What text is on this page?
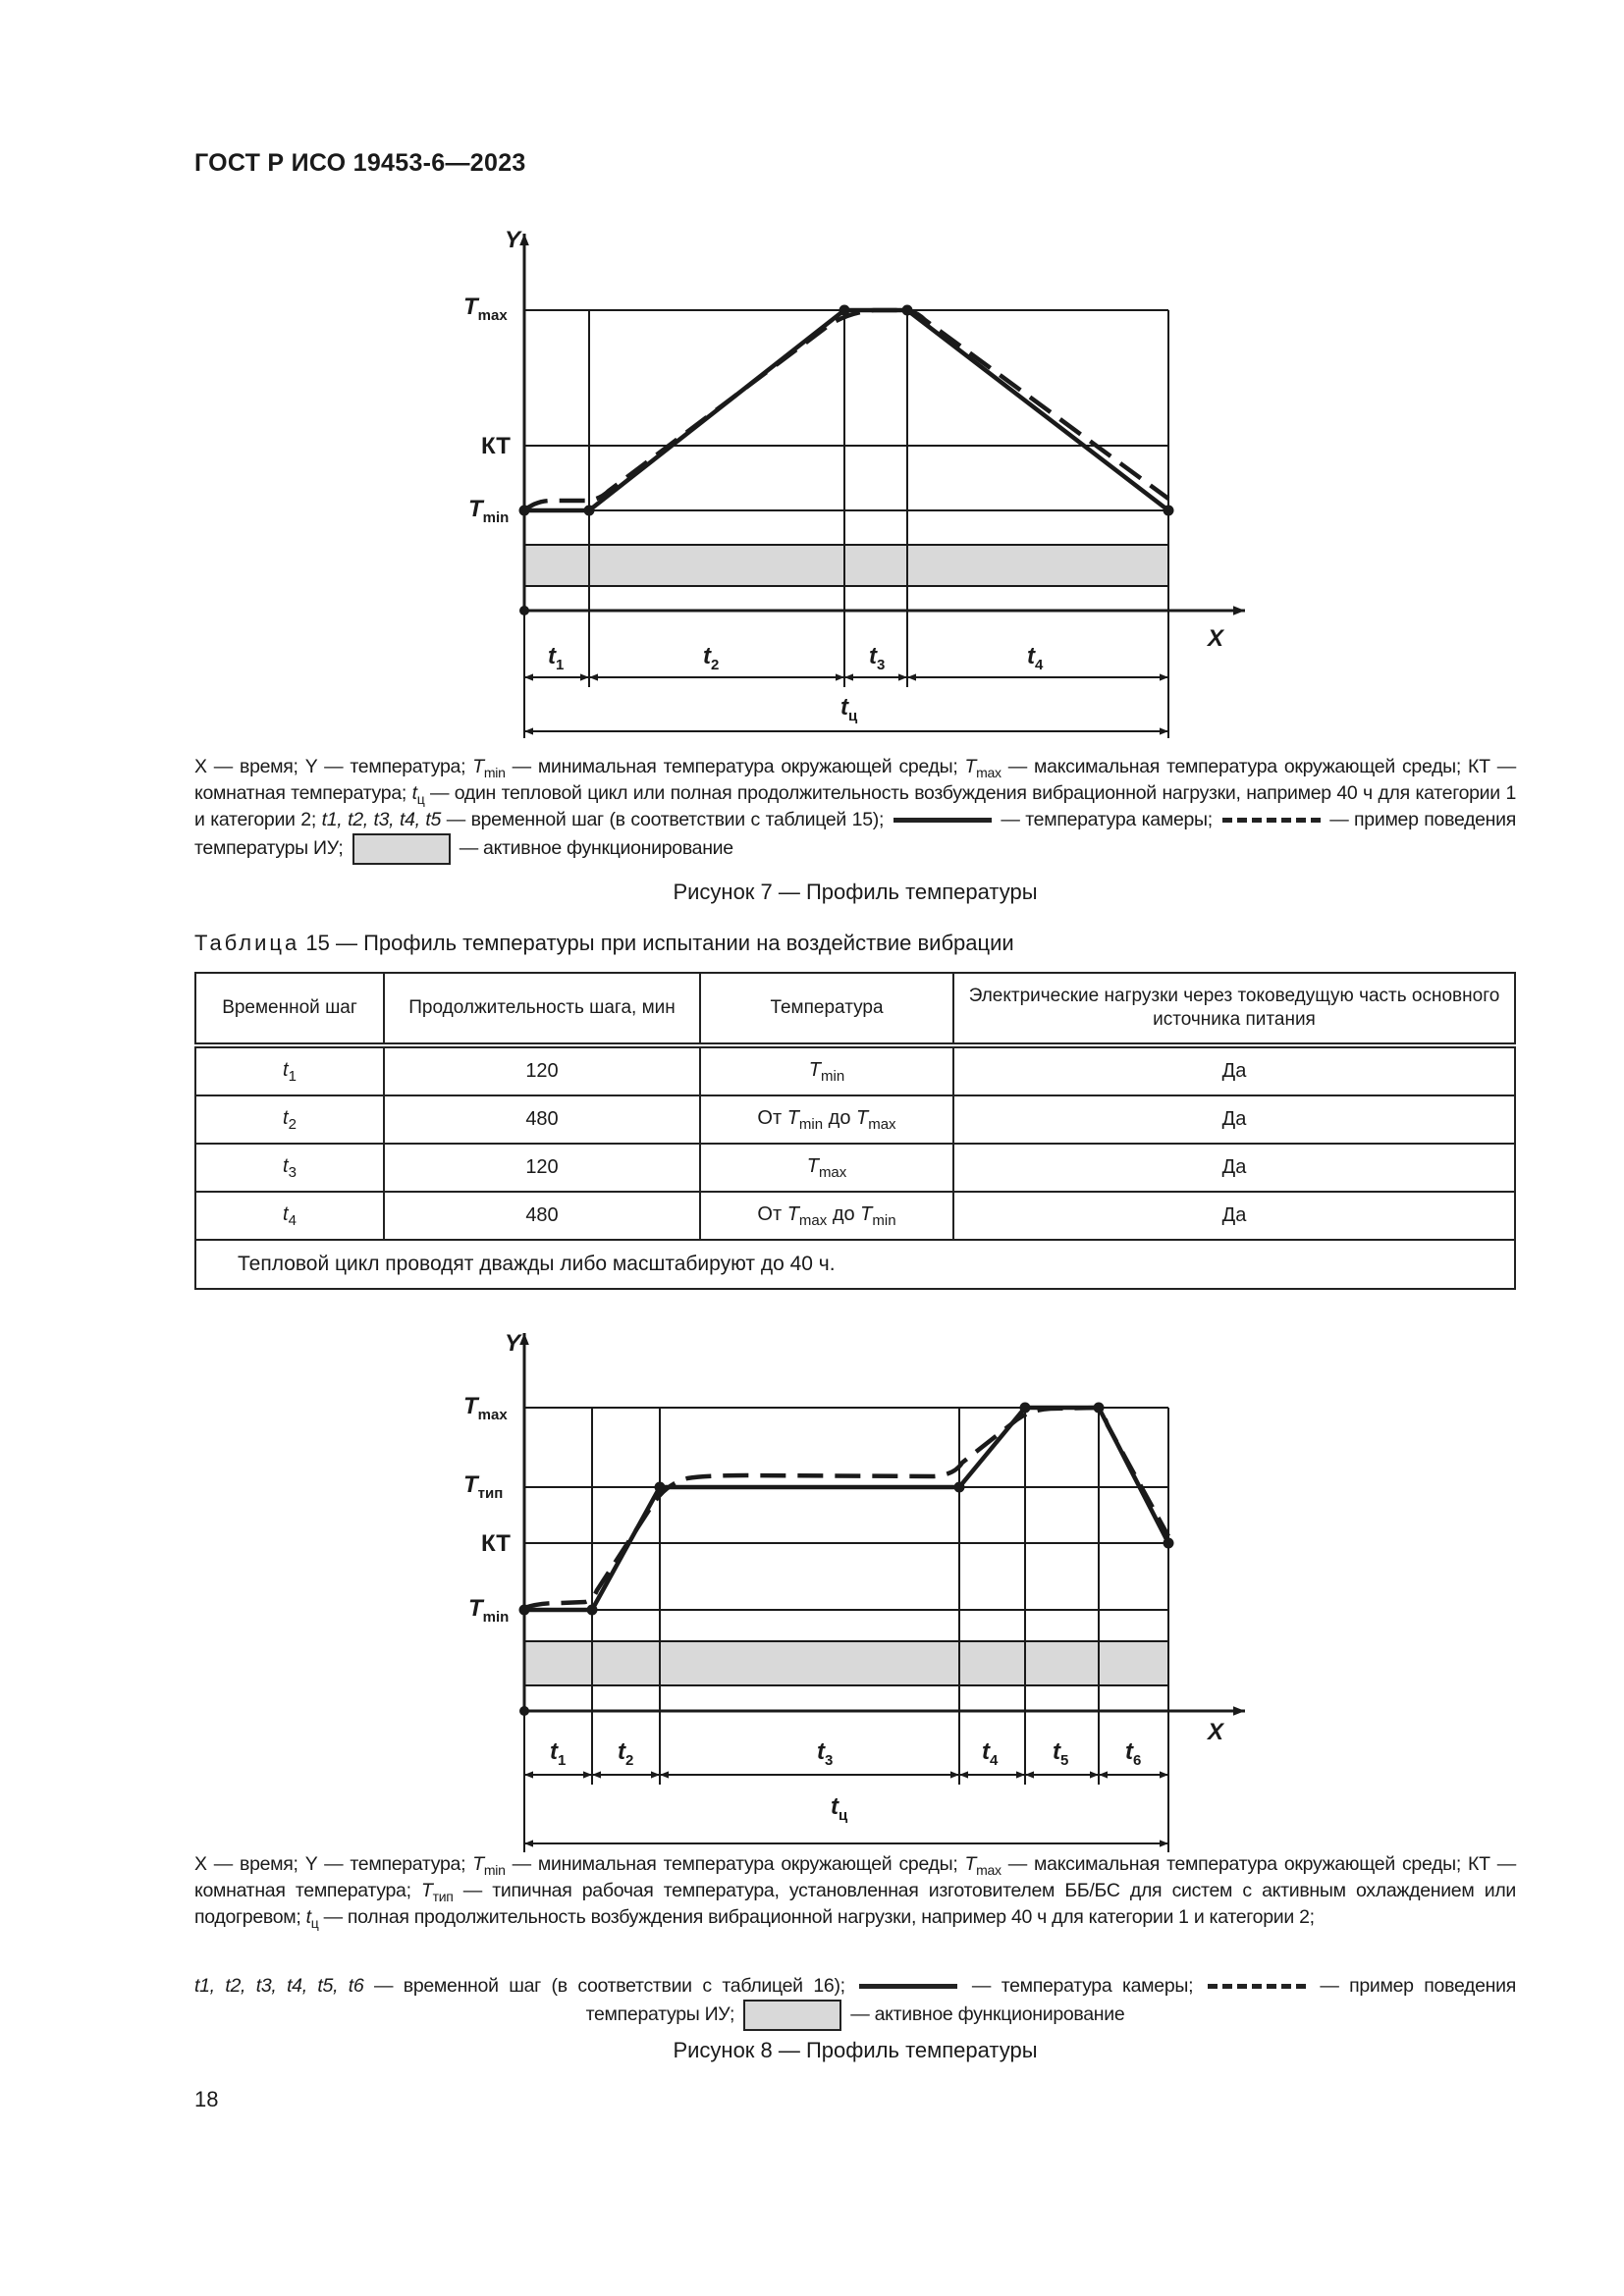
ГОСТ Р ИСО 19453-6—2023
Y
X
$T_{max}$
КТ
$T_{min}$
$t_1$	$t_2$	$t_3$	$t_4$
$t_ц$
Y
X
$T_{max}$
$T_{тип}$
КТ
$T_{min}$
$t_1$ $t_2$	$t_3$	$t_4$ $t_5$ $t_6$
$t_ц$
X — время; Y — температура; $T_{min}$ — минимальная температура окружающей среды; $T_{max}$ — максимальная температура окружающей среды; КТ — комнатная температура; $t_ц$ — один тепловой цикл или полная продолжительность возбуждения вибрационной нагрузки, например 40 ч для категории 1 и категории 2; t1, t2, t3, t4, t5 — временной шаг (в соответствии с таблицей 15);	— температура камеры;	— пример поведения температуры ИУ;	— активное функционирование
Рисунок 7 — Профиль температуры
Таблица 15 — Профиль температуры при испытании на воздействие вибрации
Временной шаг	Продолжительность шага, мин	Температура	Электрические нагрузки через токоведущую часть основного источника питания
$t_1$	120	$T_{min}$	Да
$t_2$	480	От $T_{min}$ до $T_{max}$	Да
$t_3$	120	$T_{max}$	Да
$t_4$	480	От $T_{max}$ до $T_{min}$	Да
Тепловой цикл проводят дважды либо масштабируют до 40 ч.			
X — время; Y — температура; $T_{min}$ — минимальная температура окружающей среды; $T_{max}$ — максимальная температура окружающей среды; КТ — комнатная температура; $T_{тип}$ — типичная рабочая температура, установленная изготовителем ББ/БС для систем с активным охлаждением или подогревом; $t_ц$ — полная продолжительность возбуждения вибрационной нагрузки, например 40 ч для категории 1 и категории 2;
t1, t2, t3, t4, t5, t6 — временной шаг (в соответствии с таблицей 16);	— температура камеры;	— пример поведения температуры ИУ;	— активное функционирование
Рисунок 8 — Профиль температуры
18
